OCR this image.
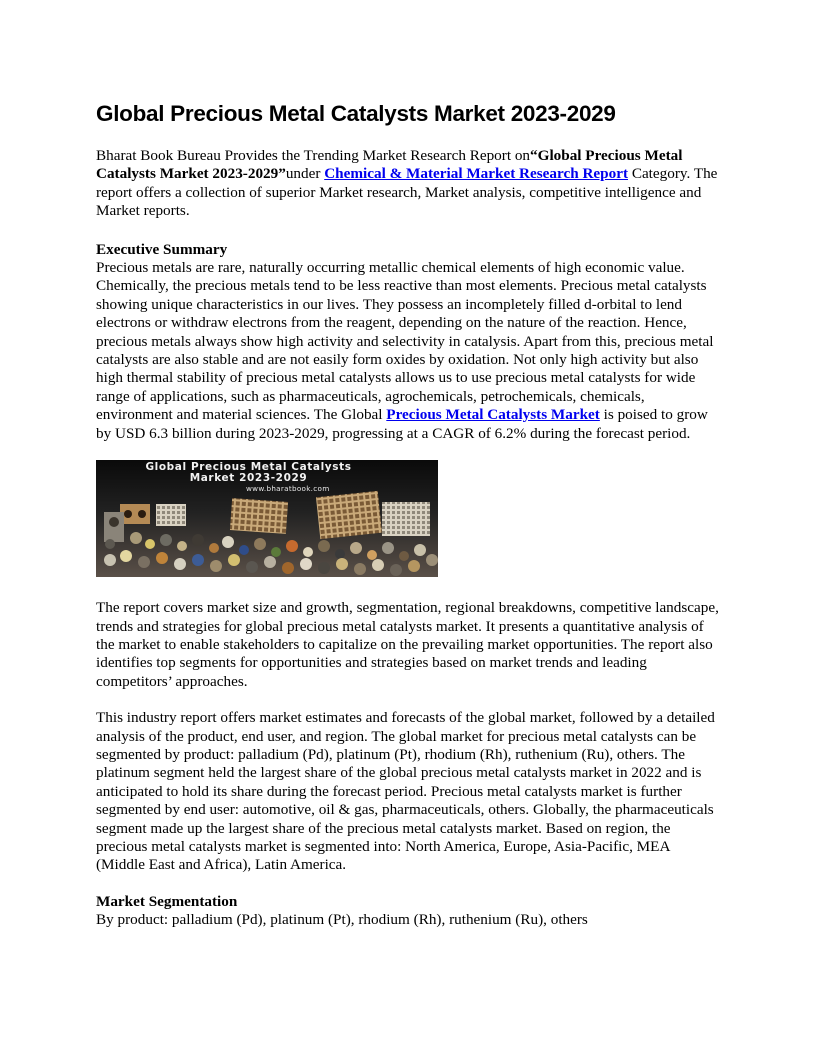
Global Precious Metal Catalysts Market 2023-2029

Bharat Book Bureau Provides the Trending Market Research Report on“Global Precious Metal Catalysts Market 2023-2029”under Chemical & Material Market Research Report Category. The report offers a collection of superior Market research, Market analysis, competitive intelligence and Market reports.

Executive Summary

Precious metals are rare, naturally occurring metallic chemical elements of high economic value. Chemically, the precious metals tend to be less reactive than most elements. Precious metal catalysts showing unique characteristics in our lives. They possess an incompletely filled d-orbital to lend electrons or withdraw electrons from the reagent, depending on the nature of the reaction. Hence, precious metals always show high activity and selectivity in catalysis. Apart from this, precious metal catalysts are also stable and are not easily form oxides by oxidation. Not only high activity but also high thermal stability of precious metal catalysts allows us to use precious metal catalysts for wide range of applications, such as pharmaceuticals, agrochemicals, petrochemicals, chemicals, environment and material sciences. The Global Precious Metal Catalysts Market is poised to grow by USD 6.3 billion during 2023-2029, progressing at a CAGR of 6.2% during the forecast period.

Global Precious Metal Catalysts
Market 2023-2029
www.bharatbook.com

The report covers market size and growth, segmentation, regional breakdowns, competitive landscape, trends and strategies for global precious metal catalysts market. It presents a quantitative analysis of the market to enable stakeholders to capitalize on the prevailing market opportunities. The report also identifies top segments for opportunities and strategies based on market trends and leading competitors’ approaches.

This industry report offers market estimates and forecasts of the global market, followed by a detailed analysis of the product, end user, and region. The global market for precious metal catalysts can be segmented by product: palladium (Pd), platinum (Pt), rhodium (Rh), ruthenium (Ru), others. The platinum segment held the largest share of the global precious metal catalysts market in 2022 and is anticipated to hold its share during the forecast period. Precious metal catalysts market is further segmented by end user: automotive, oil & gas, pharmaceuticals, others. Globally, the pharmaceuticals segment made up the largest share of the precious metal catalysts market. Based on region, the precious metal catalysts market is segmented into: North America, Europe, Asia-Pacific, MEA (Middle East and Africa), Latin America.

Market Segmentation

By product: palladium (Pd), platinum (Pt), rhodium (Rh), ruthenium (Ru), others
